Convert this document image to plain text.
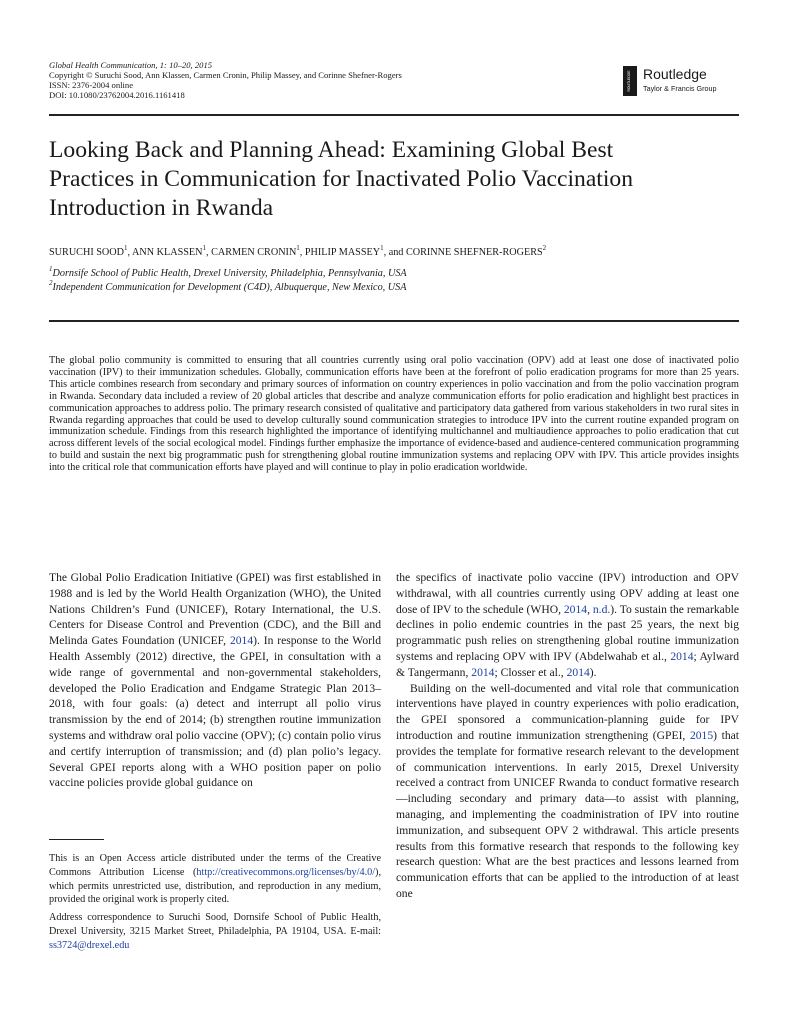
Global Health Communication, 1: 10–20, 2015
Copyright © Suruchi Sood, Ann Klassen, Carmen Cronin, Philip Massey, and Corinne Shefner-Rogers
ISSN: 2376-2004 online
DOI: 10.1080/23762004.2016.1161418
ROUTLEDGE Routledge
Taylor & Francis Group
Looking Back and Planning Ahead: Examining Global Best
Practices in Communication for Inactivated Polio Vaccination
Introduction in Rwanda
SURUCHI SOOD$^1$, ANN KLASSEN$^1$, CARMEN CRONIN$^1$, PHILIP MASSEY$^1$, and CORINNE SHEFNER-ROGERS$^2$
$^1$Dornsife School of Public Health, Drexel University, Philadelphia, Pennsylvania, USA
$^2$Independent Communication for Development (C4D), Albuquerque, New Mexico, USA

The global polio community is committed to ensuring that all countries currently using oral polio vaccination (OPV) add at least one dose of inactivated polio vaccination (IPV) to their immunization schedules. Globally, communication efforts have been at the forefront of polio eradication programs for more than 25 years. This article combines research from secondary and primary sources of information on country experiences in polio vaccination and from the polio vaccination program in Rwanda. Secondary data included a review of 20 global articles that describe and analyze communication efforts for polio eradication and highlight best practices in communication approaches to address polio. The primary research consisted of qualitative and participatory data gathered from various stakeholders in two rural sites in Rwanda regarding approaches that could be used to develop culturally sound communication strategies to introduce IPV into the current routine expanded program on immunization schedule. Findings from this research highlighted the importance of identifying multichannel and multiaudience approaches to polio eradication that cut across different levels of the social ecological model. Findings further emphasize the importance of evidence-based and audience-centered communication programming to build and sustain the next big programmatic push for strengthening global routine immunization systems and replacing OPV with IPV. This article provides insights into the critical role that communication efforts have played and will continue to play in polio eradication worldwide.

The Global Polio Eradication Initiative (GPEI) was first established in 1988 and is led by the World Health Organization (WHO), the United Nations Children’s Fund (UNICEF), Rotary International, the U.S. Centers for Disease Control and Prevention (CDC), and the Bill and Melinda Gates Foundation (UNICEF, 2014). In response to the World Health Assembly (2012) directive, the GPEI, in consultation with a wide range of governmental and non-governmental stakeholders, developed the Polio Eradication and Endgame Strategic Plan 2013–2018, with four goals: (a) detect and interrupt all polio virus transmission by the end of 2014; (b) strengthen routine immunization systems and withdraw oral polio vaccine (OPV); (c) contain polio virus and certify interruption of transmission; and (d) plan polio’s legacy. Several GPEI reports along with a WHO position paper on polio vaccine policies provide global guidance on

the specifics of inactivate polio vaccine (IPV) introduction and OPV withdrawal, with all countries currently using OPV adding at least one dose of IPV to the schedule (WHO, 2014, n.d.). To sustain the remarkable declines in polio endemic countries in the past 25 years, the next big programmatic push relies on strengthening global routine immunization systems and replacing OPV with IPV (Abdelwahab et al., 2014; Aylward & Tangermann, 2014; Closser et al., 2014).

Building on the well-documented and vital role that communication interventions have played in country experiences with polio eradication, the GPEI sponsored a communication-planning guide for IPV introduction and routine immunization strengthening (GPEI, 2015) that provides the template for formative research relevant to the development of communication interventions. In early 2015, Drexel University received a contract from UNICEF Rwanda to conduct formative research—including secondary and primary data—to assist with planning, managing, and implementing the coadministration of IPV into routine immunization, and subsequent OPV 2 withdrawal. This article presents results from this formative research that responds to the following key research question: What are the best practices and lessons learned from communication efforts that can be applied to the introduction of at least one

This is an Open Access article distributed under the terms of the Creative Commons Attribution License (http://creativecommons.org/licenses/by/4.0/), which permits unrestricted use, distribution, and reproduction in any medium, provided the original work is properly cited.

Address correspondence to Suruchi Sood, Dornsife School of Public Health, Drexel University, 3215 Market Street, Philadelphia, PA 19104, USA. E-mail: ss3724@drexel.edu
